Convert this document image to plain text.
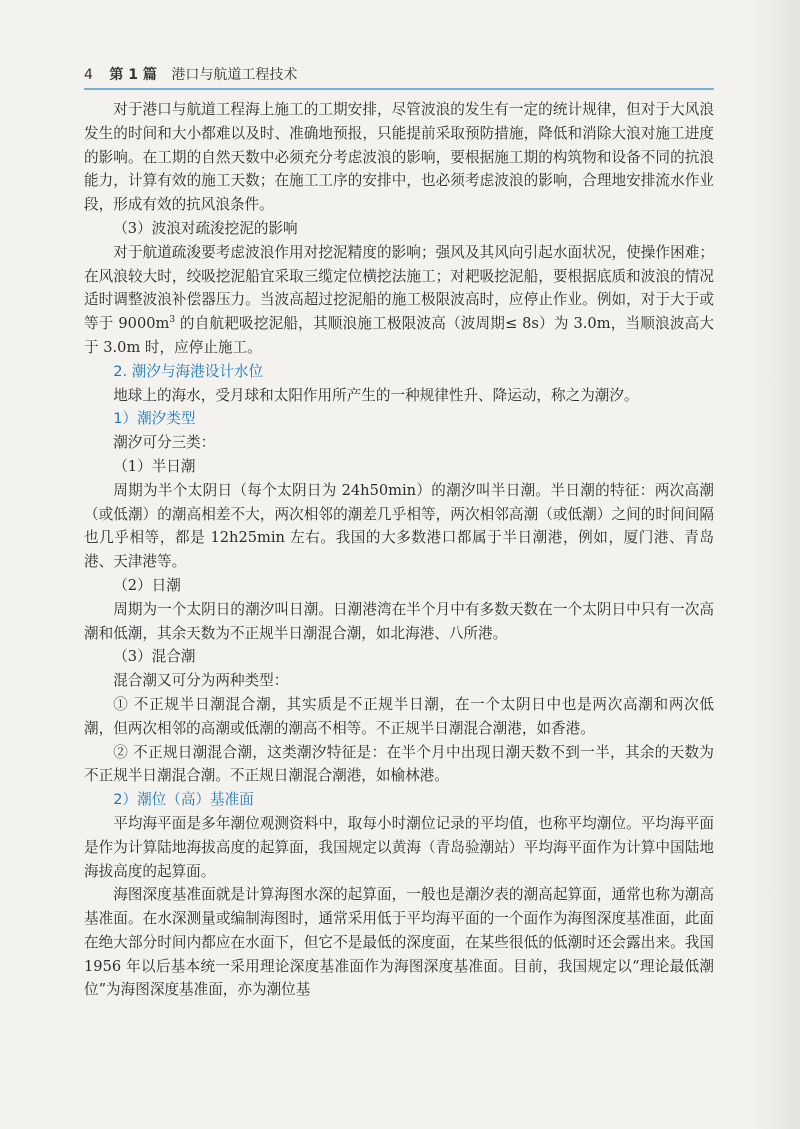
4 第 1 篇 港口与航道工程技术

对于港口与航道工程海上施工的工期安排，尽管波浪的发生有一定的统计规律，但对于大风浪发生的时间和大小都难以及时、准确地预报，只能提前采取预防措施，降低和消除大浪对施工进度的影响。在工期的自然天数中必须充分考虑波浪的影响，要根据施工期的构筑物和设备不同的抗浪能力，计算有效的施工天数；在施工工序的安排中，也必须考虑波浪的影响，合理地安排流水作业段，形成有效的抗风浪条件。

（3）波浪对疏浚挖泥的影响

对于航道疏浚要考虑波浪作用对挖泥精度的影响；强风及其风向引起水面状况，使操作困难；在风浪较大时，绞吸挖泥船宜采取三缆定位横挖法施工；对耙吸挖泥船，要根据底质和波浪的情况适时调整波浪补偿器压力。当波高超过挖泥船的施工极限波高时，应停止作业。例如，对于大于或等于 $9000m^3$ 的自航耙吸挖泥船，其顺浪施工极限波高（波周期≤ 8s）为 3.0m，当顺浪波高大于 3.0m 时，应停止施工。

2. 潮汐与海港设计水位

地球上的海水，受月球和太阳作用所产生的一种规律性升、降运动，称之为潮汐。

1）潮汐类型

潮汐可分三类：

（1）半日潮

周期为半个太阴日（每个太阴日为 24h50min）的潮汐叫半日潮。半日潮的特征：两次高潮（或低潮）的潮高相差不大，两次相邻的潮差几乎相等，两次相邻高潮（或低潮）之间的时间间隔也几乎相等，都是 12h25min 左右。我国的大多数港口都属于半日潮港，例如，厦门港、青岛港、天津港等。

（2）日潮

周期为一个太阴日的潮汐叫日潮。日潮港湾在半个月中有多数天数在一个太阴日中只有一次高潮和低潮，其余天数为不正规半日潮混合潮，如北海港、八所港。

（3）混合潮

混合潮又可分为两种类型：

① 不正规半日潮混合潮，其实质是不正规半日潮，在一个太阴日中也是两次高潮和两次低潮，但两次相邻的高潮或低潮的潮高不相等。不正规半日潮混合潮港，如香港。

② 不正规日潮混合潮，这类潮汐特征是：在半个月中出现日潮天数不到一半，其余的天数为不正规半日潮混合潮。不正规日潮混合潮港，如榆林港。

2）潮位（高）基准面

平均海平面是多年潮位观测资料中，取每小时潮位记录的平均值，也称平均潮位。平均海平面是作为计算陆地海拔高度的起算面，我国规定以黄海（青岛验潮站）平均海平面作为计算中国陆地海拔高度的起算面。

海图深度基准面就是计算海图水深的起算面，一般也是潮汐表的潮高起算面，通常也称为潮高基准面。在水深测量或编制海图时，通常采用低于平均海平面的一个面作为海图深度基准面，此面在绝大部分时间内都应在水面下，但它不是最低的深度面，在某些很低的低潮时还会露出来。我国 1956 年以后基本统一采用理论深度基准面作为海图深度基准面。目前，我国规定以“理论最低潮位”为海图深度基准面，亦为潮位基
